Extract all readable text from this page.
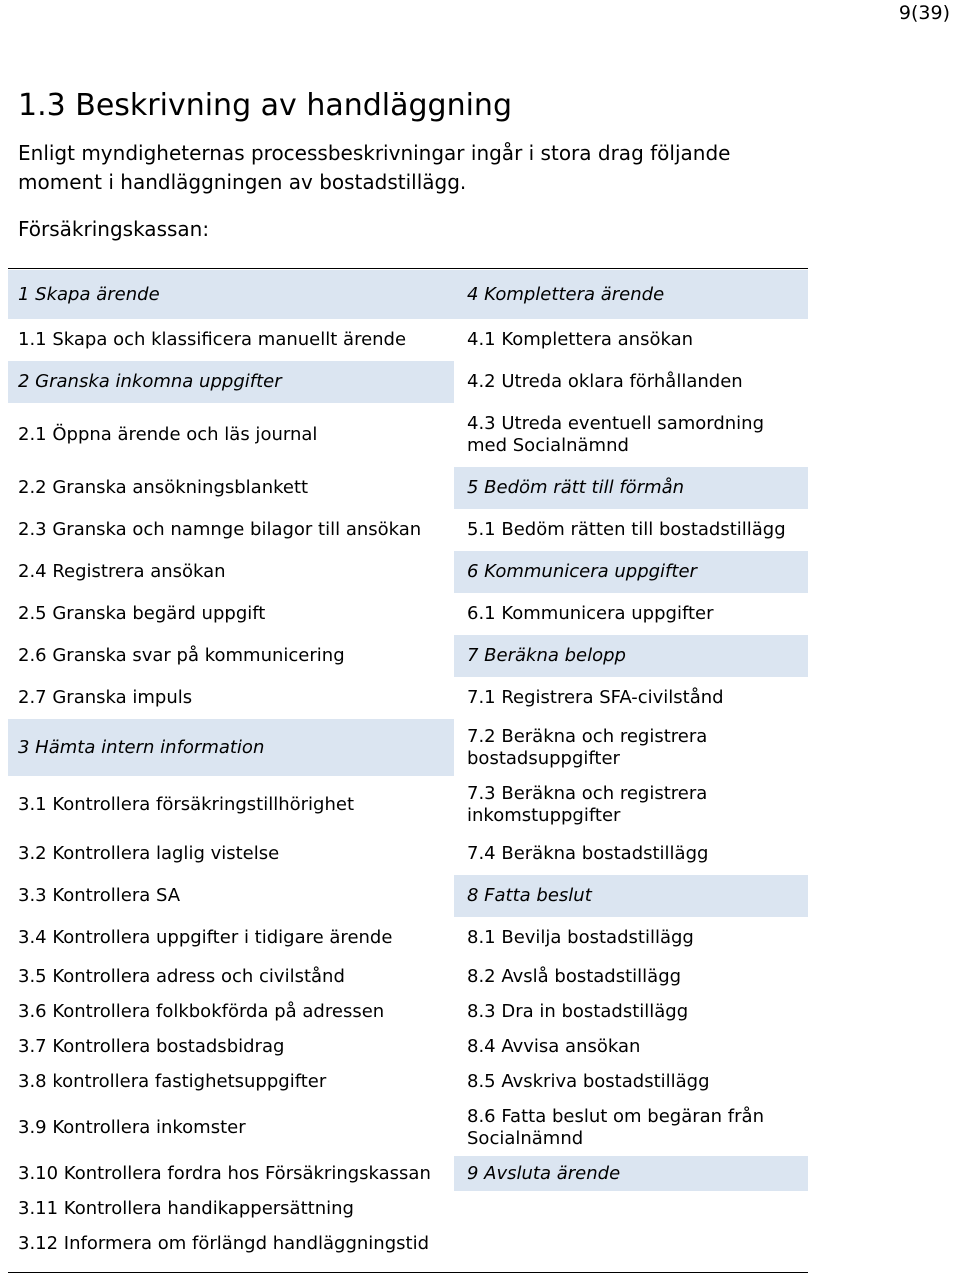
9(39)
1.3 Beskrivning av handläggning

Enligt myndigheternas processbeskrivningar ingår i stora drag följande
moment i handläggningen av bostadstillägg.

Försäkringskassan:

1 Skapa ärende
1.1 Skapa och klassificera manuellt ärende
2 Granska inkomna uppgifter
2.1 Öppna ärende och läs journal
2.2 Granska ansökningsblankett
2.3 Granska och namnge bilagor till ansökan
2.4 Registrera ansökan
2.5 Granska begärd uppgift
2.6 Granska svar på kommunicering
2.7 Granska impuls
3 Hämta intern information
3.1 Kontrollera försäkringstillhörighet
3.2 Kontrollera laglig vistelse
3.3 Kontrollera SA
3.4 Kontrollera uppgifter i tidigare ärende
3.5 Kontrollera adress och civilstånd
3.6 Kontrollera folkbokförda på adressen
3.7 Kontrollera bostadsbidrag
3.8 kontrollera fastighetsuppgifter
3.9 Kontrollera inkomster
3.10 Kontrollera fordra hos Försäkringskassan
3.11 Kontrollera handikappersättning
3.12 Informera om förlängd handläggningstid
4 Komplettera ärende
4.1 Komplettera ansökan
4.2 Utreda oklara förhållanden
4.3 Utreda eventuell samordning med Socialnämnd
5 Bedöm rätt till förmån
5.1 Bedöm rätten till bostadstillägg
6 Kommunicera uppgifter
6.1 Kommunicera uppgifter
7 Beräkna belopp
7.1 Registrera SFA-civilstånd
7.2 Beräkna och registrera bostadsuppgifter
7.3 Beräkna och registrera inkomstuppgifter
7.4 Beräkna bostadstillägg
8 Fatta beslut
8.1 Bevilja bostadstillägg
8.2 Avslå bostadstillägg
8.3 Dra in bostadstillägg
8.4 Avvisa ansökan
8.5 Avskriva bostadstillägg
8.6 Fatta beslut om begäran från Socialnämnd
9 Avsluta ärende
